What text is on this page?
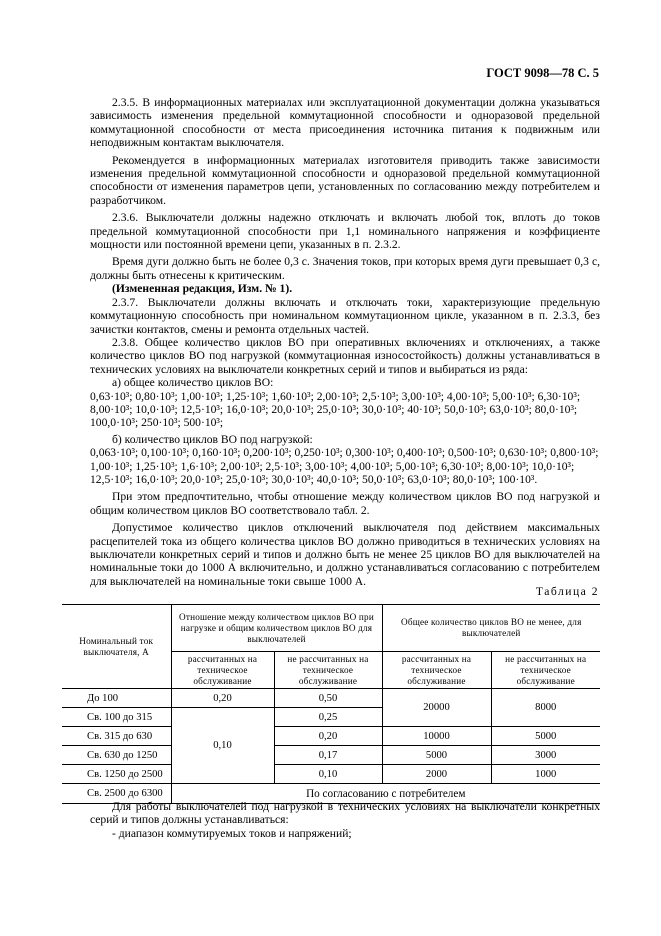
ГОСТ 9098—78 С. 5

2.3.5. В информационных материалах или эксплуатационной документации должна указываться зависимость изменения предельной коммутационной способности и одноразовой предельной коммутационной способности от места присоединения источника питания к подвижным или неподвижным контактам выключателя.

Рекомендуется в информационных материалах изготовителя приводить также зависимости изменения предельной коммутационной способности и одноразовой предельной коммутационной способности от изменения параметров цепи, установленных по согласованию между потребителем и разработчиком.

2.3.6. Выключатели должны надежно отключать и включать любой ток, вплоть до токов предельной коммутационной способности при 1,1 номинального напряжения и коэффициенте мощности или постоянной времени цепи, указанных в п. 2.3.2.

Время дуги должно быть не более 0,3 с. Значения токов, при которых время дуги превышает 0,3 с, должны быть отнесены к критическим.

(Измененная редакция, Изм. № 1).

2.3.7. Выключатели должны включать и отключать токи, характеризующие предельную коммутационную способность при номинальном коммутационном цикле, указанном в п. 2.3.3, без зачистки контактов, смены и ремонта отдельных частей.

2.3.8. Общее количество циклов ВО при оперативных включениях и отключениях, а также количество циклов ВО под нагрузкой (коммутационная износостойкость) должны устанавливаться в технических условиях на выключатели конкретных серий и типов и выбираться из ряда:

а) общее количество циклов ВО:

0,63·10³; 0,80·10³; 1,00·10³; 1,25·10³; 1,60·10³; 2,00·10³; 2,5·10³; 3,00·10³; 4,00·10³; 5,00·10³; 6,30·10³; 8,00·10³; 10,0·10³; 12,5·10³; 16,0·10³; 20,0·10³; 25,0·10³; 30,0·10³; 40·10³; 50,0·10³; 63,0·10³; 80,0·10³; 100,0·10³; 250·10³; 500·10³;

б) количество циклов ВО под нагрузкой:

0,063·10³; 0,100·10³; 0,160·10³; 0,200·10³; 0,250·10³; 0,300·10³; 0,400·10³; 0,500·10³; 0,630·10³; 0,800·10³; 1,00·10³; 1,25·10³; 1,6·10³; 2,00·10³; 2,5·10³; 3,00·10³; 4,00·10³; 5,00·10³; 6,30·10³; 8,00·10³; 10,0·10³; 12,5·10³; 16,0·10³; 20,0·10³; 25,0·10³; 30,0·10³; 40,0·10³; 50,0·10³; 63,0·10³; 80,0·10³; 100·10³.

При этом предпочтительно, чтобы отношение между количеством циклов ВО под нагрузкой и общим количеством циклов ВО соответствовало табл. 2.

Допустимое количество циклов отключений выключателя под действием максимальных расцепителей тока из общего количества циклов ВО должно приводиться в технических условиях на выключатели конкретных серий и типов и должно быть не менее 25 циклов ВО для выключателей на номинальные токи до 1000 А включительно, и должно устанавливаться согласованию с потребителем для выключателей на номинальные токи свыше 1000 А.

Таблица 2
Номинальный ток выключателя, А	Отношение между количеством циклов ВО при нагрузке и общим количеством циклов ВО для выключателей		Общее количество циклов ВО не менее, для выключателей	
	рассчитанных на техническое обслуживание	не рассчитанных на техническое обслуживание	рассчитанных на техническое обслуживание	не рассчитанных на техническое обслуживание
До 100	0,20	0,50	20000	8000
Св. 100 до 315	0,10	0,25		
Св. 315 до 630		0,20	10000	5000
Св. 630 до 1250		0,17	5000	3000
Св. 1250 до 2500		0,10	2000	1000
Св. 2500 до 6300	По согласованию с потребителем			

Для работы выключателей под нагрузкой в технических условиях на выключатели конкретных серий и типов должны устанавливаться:

- диапазон коммутируемых токов и напряжений;
